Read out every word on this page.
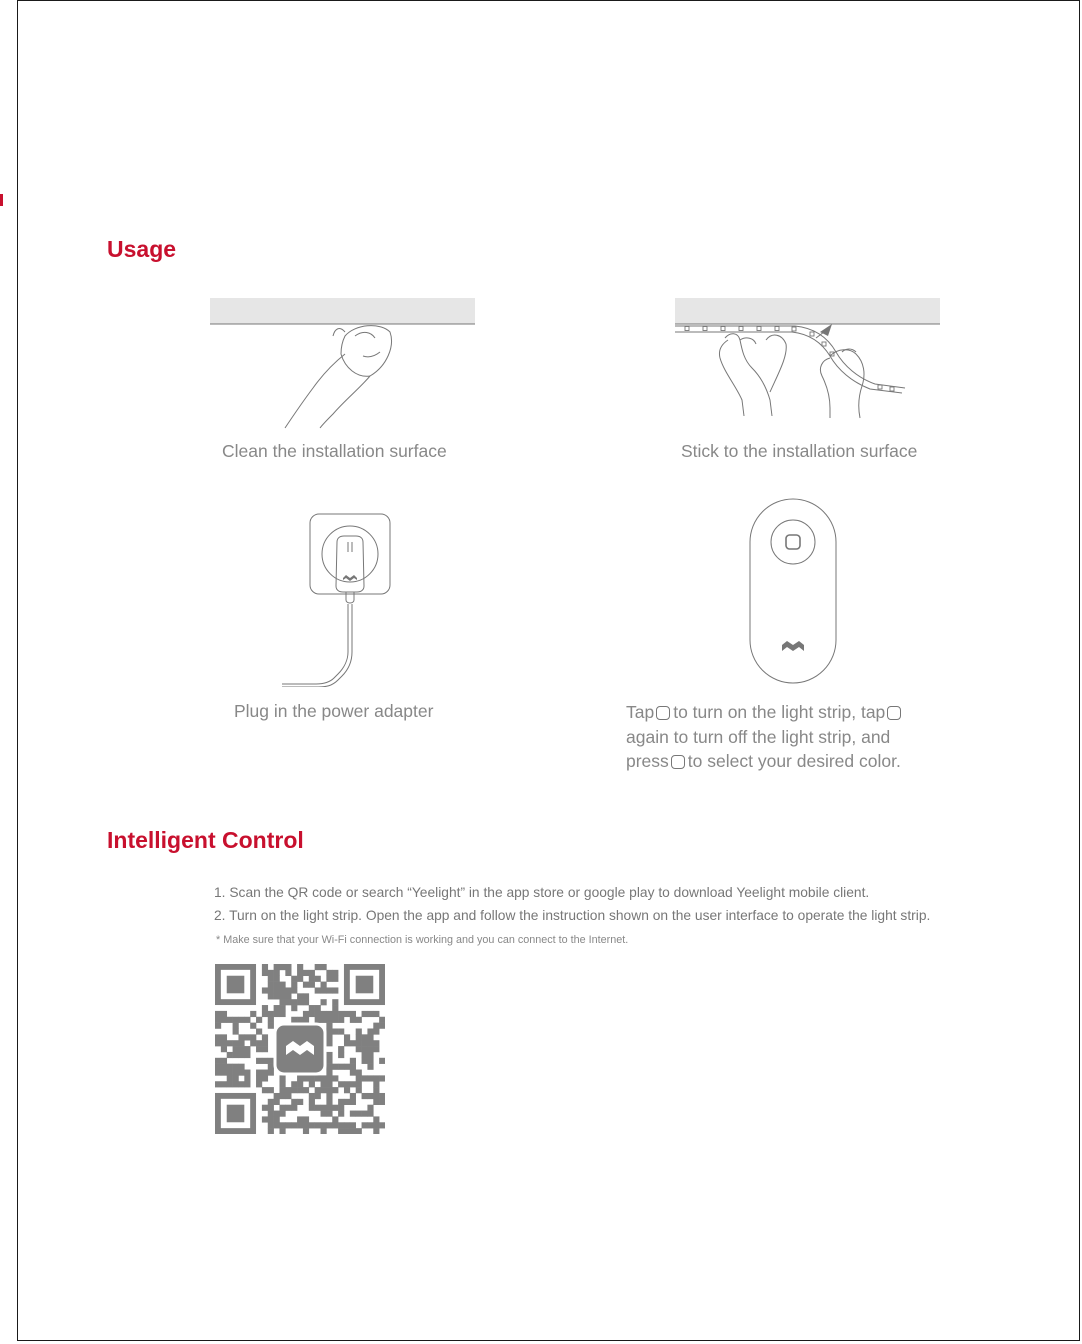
Usage
Clean the installation surface	Stick to the installation surface
Plug in the power adapter	Tap to turn on the light strip, tap
again to turn off the light strip, and
press to select your desired color.
Intelligent Control
1. Scan the QR code or search “Yeelight” in the app store or google play to download Yeelight mobile client.
2. Turn on the light strip. Open the app and follow the instruction shown on the user interface to operate the light strip.

* Make sure that your Wi-Fi connection is working and you can connect to the Internet.
